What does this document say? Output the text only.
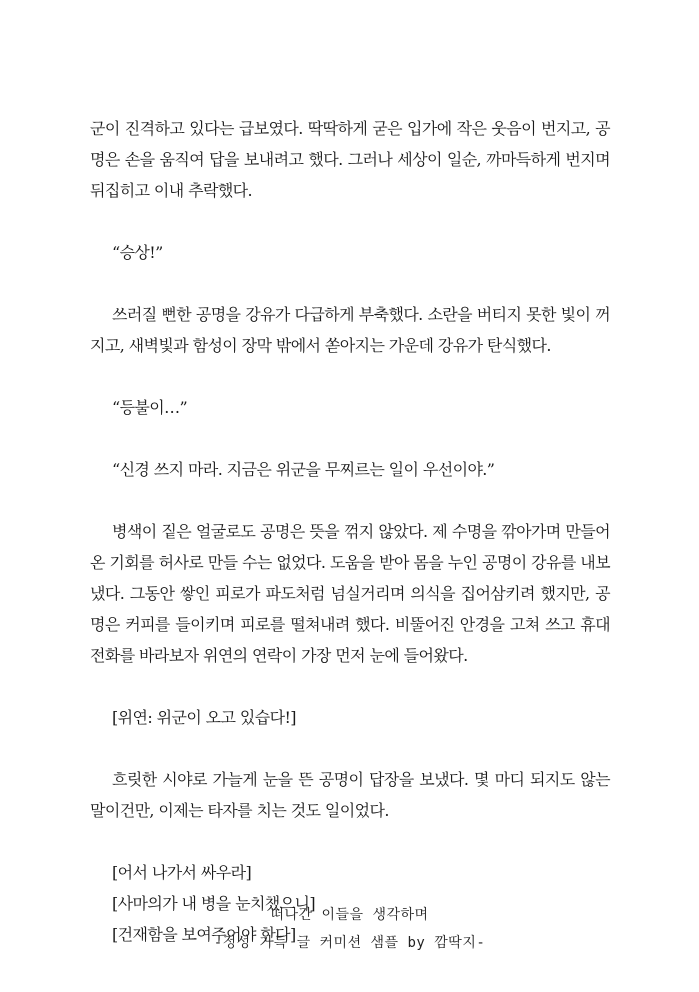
군이 진격하고 있다는 급보였다. 딱딱하게 굳은 입가에 작은 웃음이 번지고, 공명은 손을 움직여 답을 보내려고 했다. 그러나 세상이 일순, 까마득하게 번지며 뒤집히고 이내 추락했다.

“승상!”

쓰러질 뻔한 공명을 강유가 다급하게 부축했다. 소란을 버티지 못한 빛이 꺼지고, 새벽빛과 함성이 장막 밖에서 쏟아지는 가운데 강유가 탄식했다.

“등불이…”

“신경 쓰지 마라. 지금은 위군을 무찌르는 일이 우선이야.”

병색이 짙은 얼굴로도 공명은 뜻을 꺾지 않았다. 제 수명을 깎아가며 만들어온 기회를 허사로 만들 수는 없었다. 도움을 받아 몸을 누인 공명이 강유를 내보냈다. 그동안 쌓인 피로가 파도처럼 넘실거리며 의식을 집어삼키려 했지만, 공명은 커피를 들이키며 피로를 떨쳐내려 했다. 비뚤어진 안경을 고쳐 쓰고 휴대전화를 바라보자 위연의 연락이 가장 먼저 눈에 들어왔다.

[위연: 위군이 오고 있습다!]

흐릿한 시야로 가늘게 눈을 뜬 공명이 답장을 보냈다. 몇 마디 되지도 않는 말이건만, 이제는 타자를 치는 것도 일이었다.

[어서 나가서 싸우라]

[사마의가 내 병을 눈치챘으니]

[건재함을 보여주어야 한다]

떠나간 이들을 생각하며
-정성 가득 글 커미션 샘플 by 깜딱지-
